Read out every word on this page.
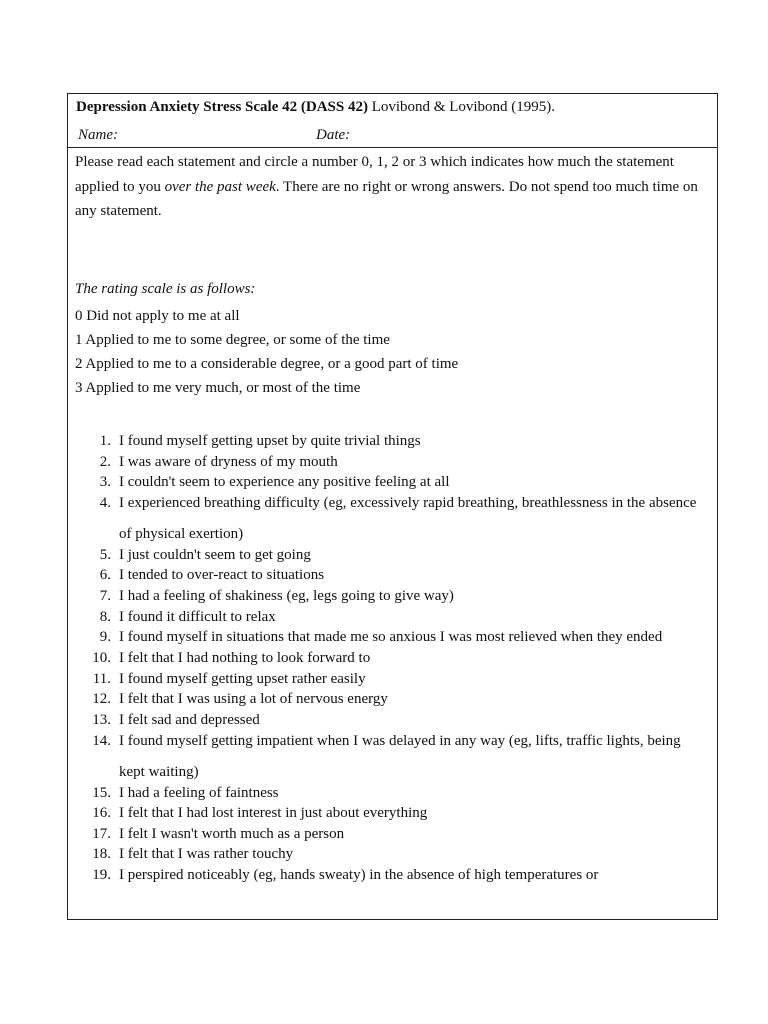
Depression Anxiety Stress Scale 42 (DASS 42) Lovibond & Lovibond (1995).
Name:	Date:
Please read each statement and circle a number 0, 1, 2 or 3 which indicates how much the statement applied to you over the past week. There are no right or wrong answers. Do not spend too much time on any statement.
The rating scale is as follows:
0 Did not apply to me at all
1 Applied to me to some degree, or some of the time
2 Applied to me to a considerable degree, or a good part of time
3 Applied to me very much, or most of the time
1. I found myself getting upset by quite trivial things
2. I was aware of dryness of my mouth
3. I couldn't seem to experience any positive feeling at all
4. I experienced breathing difficulty (eg, excessively rapid breathing, breathlessness in the absence of physical exertion)
5. I just couldn't seem to get going
6. I tended to over-react to situations
7. I had a feeling of shakiness (eg, legs going to give way)
8. I found it difficult to relax
9. I found myself in situations that made me so anxious I was most relieved when they ended
10. I felt that I had nothing to look forward to
11. I found myself getting upset rather easily
12. I felt that I was using a lot of nervous energy
13. I felt sad and depressed
14. I found myself getting impatient when I was delayed in any way (eg, lifts, traffic lights, being kept waiting)
15. I had a feeling of faintness
16. I felt that I had lost interest in just about everything
17. I felt I wasn't worth much as a person
18. I felt that I was rather touchy
19. I perspired noticeably (eg, hands sweaty) in the absence of high temperatures or
